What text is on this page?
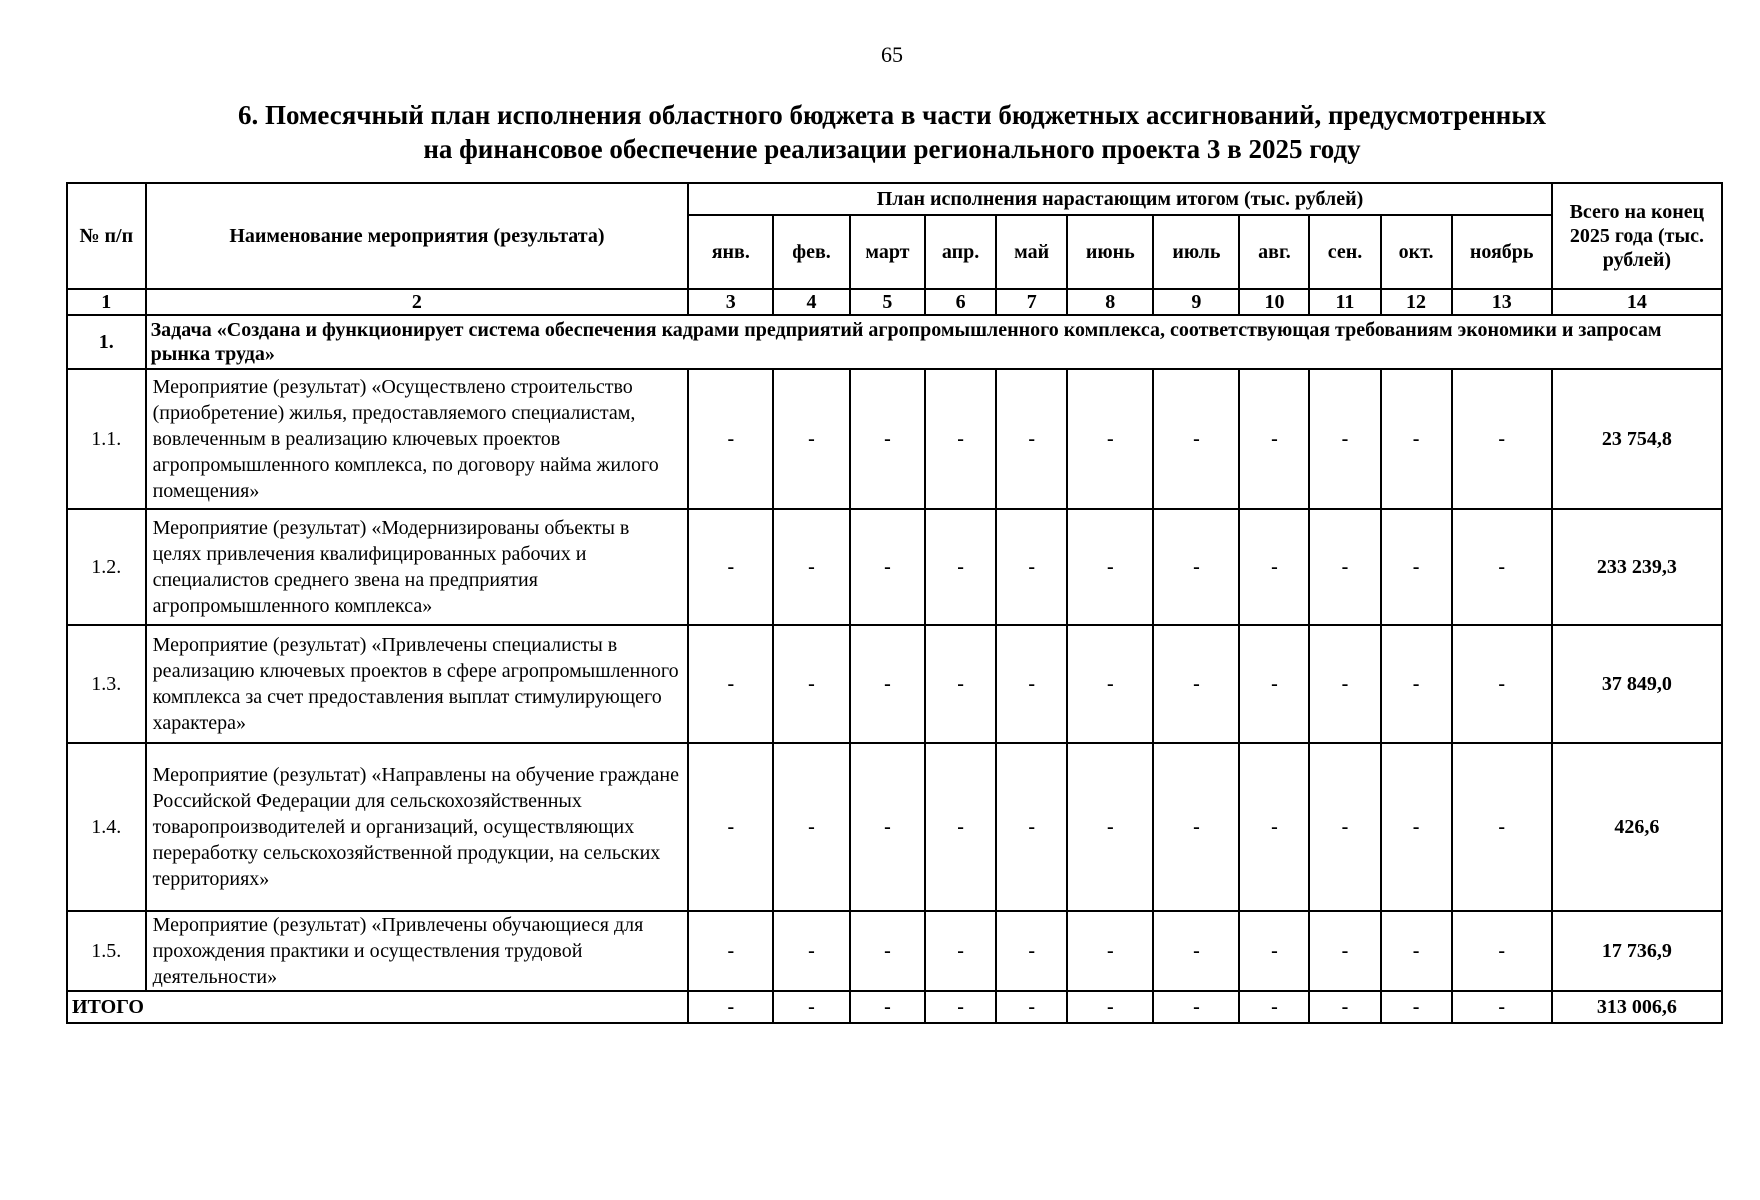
65
6. Помесячный план исполнения областного бюджета в части бюджетных ассигнований, предусмотренных
на финансовое обеспечение реализации регионального проекта 3 в 2025 году
№ п/п	Наименование мероприятия (результата)	План исполнения нарастающим итогом (тыс. рублей)											Всего на конец 2025 года (тыс. рублей)
		янв.	фев.	март	апр.	май	июнь	июль	авг.	сен.	окт.	ноябрь	
1	2	3	4	5	6	7	8	9	10	11	12	13	14
1.	Задача «Создана и функционирует система обеспечения кадрами предприятий агропромышленного комплекса, соответствующая требованиям экономики и запросам рынка труда»												
1.1.	Мероприятие (результат) «Осуществлено строительство (приобретение) жилья, предоставляемого специалистам, вовлеченным в реализацию ключевых проектов агропромышленного комплекса, по договору найма жилого помещения»	-	-	-	-	-	-	-	-	-	-	-	23 754,8
1.2.	Мероприятие (результат) «Модернизированы объекты в целях привлечения квалифицированных рабочих и специалистов среднего звена на предприятия агропромышленного комплекса»	-	-	-	-	-	-	-	-	-	-	-	233 239,3
1.3.	Мероприятие (результат) «Привлечены специалисты в реализацию ключевых проектов в сфере агропромышленного комплекса за счет предоставления выплат стимулирующего характера»	-	-	-	-	-	-	-	-	-	-	-	37 849,0
1.4.	Мероприятие (результат) «Направлены на обучение граждане Российской Федерации для сельскохозяйственных товаропроизводителей и организаций, осуществляющих переработку сельскохозяйственной продукции, на сельских территориях»	-	-	-	-	-	-	-	-	-	-	-	426,6
1.5.	Мероприятие (результат) «Привлечены обучающиеся для прохождения практики и осуществления трудовой деятельности»	-	-	-	-	-	-	-	-	-	-	-	17 736,9
ИТОГО		-	-	-	-	-	-	-	-	-	-	-	313 006,6
